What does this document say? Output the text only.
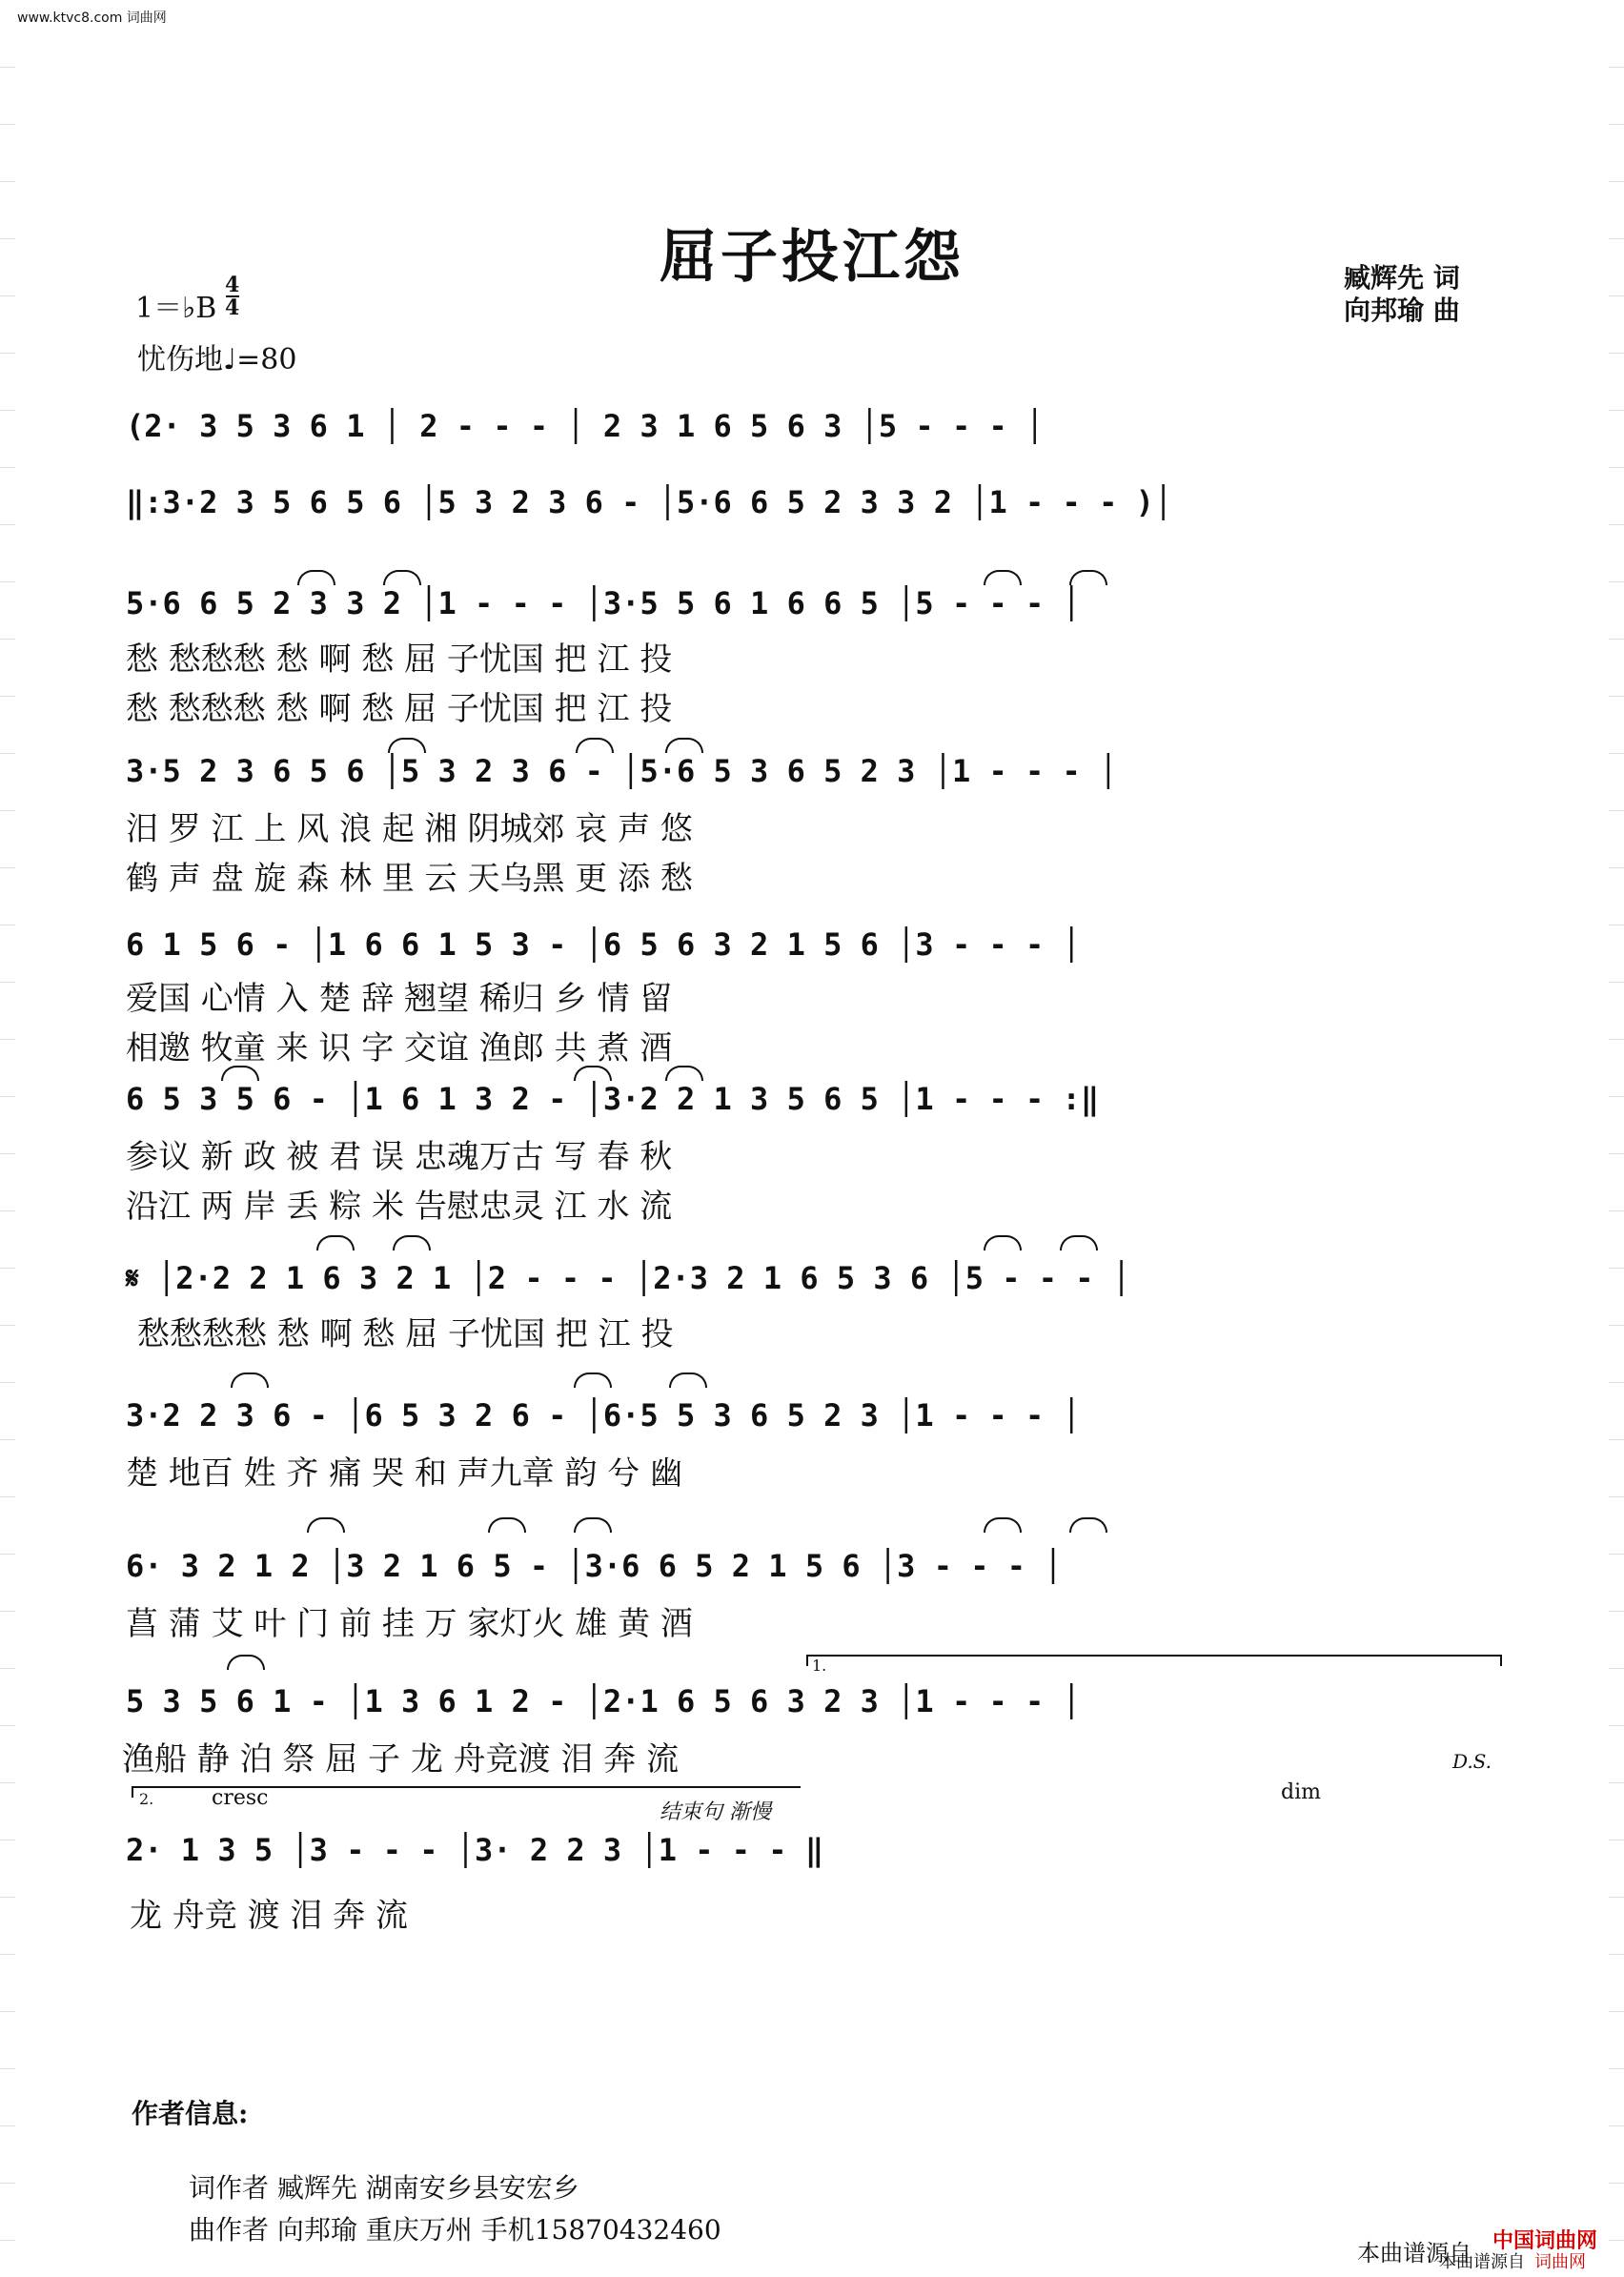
www.ktvc8.com 词曲网
屈子投江怨	臧辉先 词
向邦瑜 曲
1＝♭B
4
4
忧伤地♩=80
(2· 3 5 3 6 1 │ 2 - - - │ 2 3 1 6 5 6 3 │5 - - - │
‖:3·2 3 5 6 5 6 │5 3 2 3 6 - │5·6 6 5 2 3 3 2 │1 - - - )│
5·6 6 5 2 3 3 2 │1 - - - │3·5 5 6 1 6 6 5 │5 - - - │
愁 愁愁愁 愁 啊 愁 屈 子忧国 把 江 投
愁 愁愁愁 愁 啊 愁 屈 子忧国 把 江 投
3·5 2 3 6 5 6 │5 3 2 3 6 - │5·6 5 3 6 5 2 3 │1 - - - │
汨 罗 江 上 风 浪 起 湘 阴城郊 哀 声 悠
鹤 声 盘 旋 森 林 里 云 天乌黑 更 添 愁
6 1 5 6 - │1 6 6 1 5 3 - │6 5 6 3 2 1 5 6 │3 - - - │
爱国 心情 入 楚 辞 翘望 稀归 乡 情 留
相邀 牧童 来 识 字 交谊 渔郎 共 煮 酒
6 5 3 5 6 - │1 6 1 3 2 - │3·2 2 1 3 5 6 5 │1 - - - :‖
参议 新 政 被 君 误 忠魂万古 写 春 秋
沿江 两 岸 丢 粽 米 告慰忠灵 江 水 流
𝄋 │2·2 2 1 6 3 2 1 │2 - - - │2·3 2 1 6 5 3 6 │5 - - - │
愁愁愁愁 愁 啊 愁 屈 子忧国 把 江 投
3·2 2 3 6 - │6 5 3 2 6 - │6·5 5 3 6 5 2 3 │1 - - - │
楚 地百 姓 齐 痛 哭 和 声九章 韵 兮 幽
6· 3 2 1 2 │3 2 1 6 5 - │3·6 6 5 2 1 5 6 │3 - - - │
菖 蒲 艾 叶 门 前 挂 万 家灯火 雄 黄 酒
1.
5 3 5 6 1 - │1 3 6 1 2 - │2·1 6 5 6 3 2 3 │1 - - - │
渔船 静 泊 祭 屈 子 龙 舟竞渡 泪 奔 流	D.S.
2.	cresc
结束句 渐慢
dim
2· 1 3 5 │3 - - - │3· 2 2 3 │1 - - - ‖
龙 舟竞 渡 泪 奔 流
作者信息:
词作者 臧辉先 湖南安乡县安宏乡
曲作者 向邦瑜 重庆万州 手机15870432460
本曲谱源自
本曲谱源自
中国词曲网
词曲网
